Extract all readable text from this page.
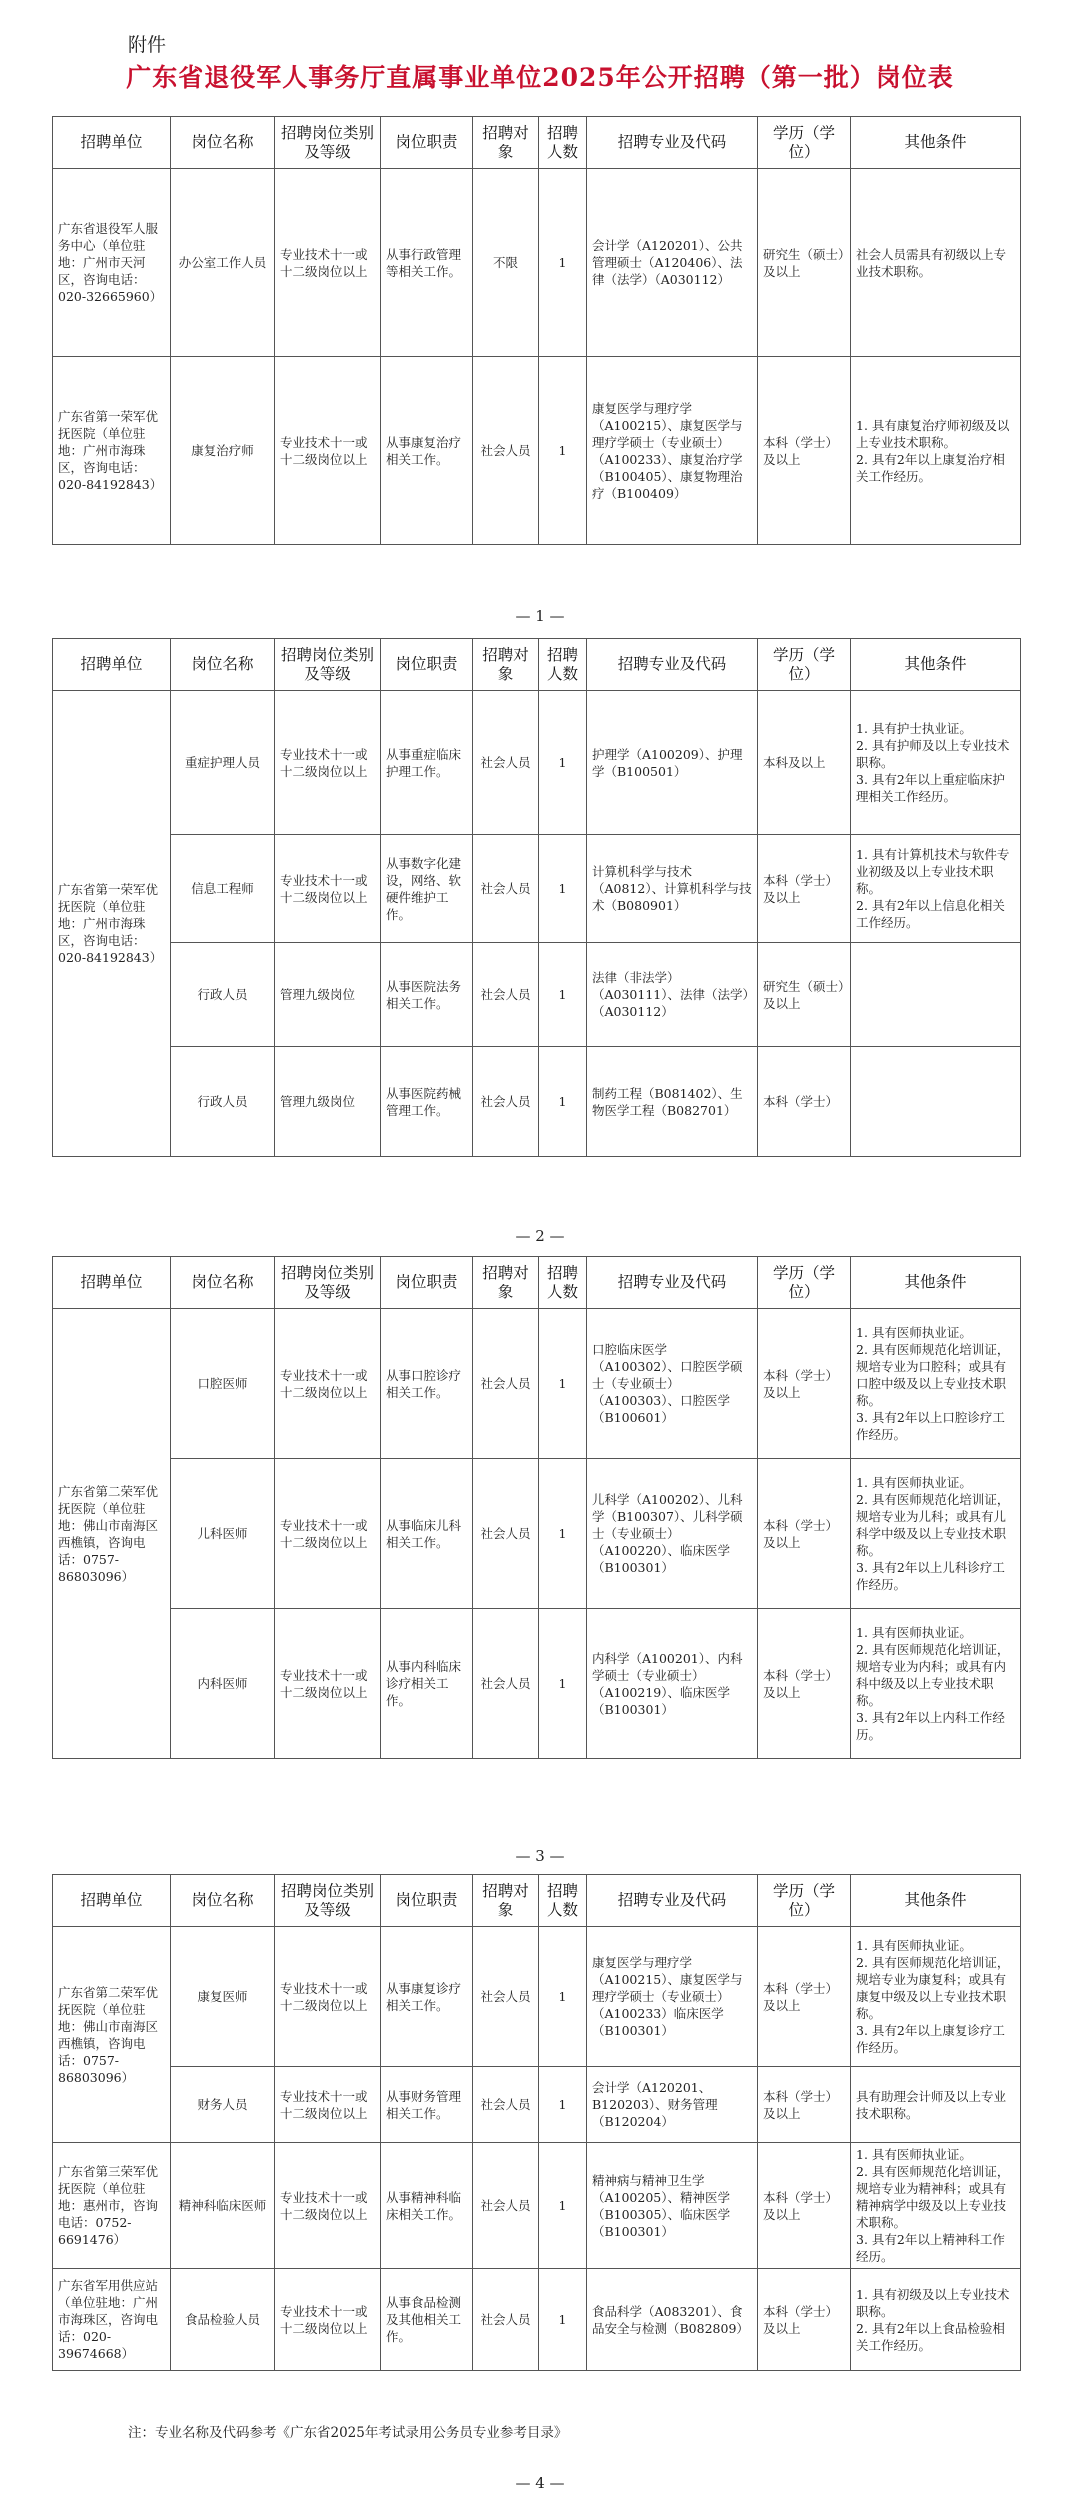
附件
广东省退役军人事务厅直属事业单位2025年公开招聘（第一批）岗位表
招聘单位	岗位名称	招聘岗位类别及等级	岗位职责	招聘对象	招聘人数	招聘专业及代码	学历（学位）	其他条件
广东省退役军人服务中心（单位驻地：广州市天河区，咨询电话：020-32665960）	办公室工作人员	专业技术十一或十二级岗位以上	从事行政管理等相关工作。	不限	1	会计学（A120201）、公共管理硕士（A120406）、法律（法学）（A030112）	研究生（硕士）及以上	社会人员需具有初级以上专业技术职称。
广东省第一荣军优抚医院（单位驻地：广州市海珠区，咨询电话：020-84192843）	康复治疗师	专业技术十一或十二级岗位以上	从事康复治疗相关工作。	社会人员	1	康复医学与理疗学（A100215）、康复医学与理疗学硕士（专业硕士）（A100233）、康复治疗学（B100405）、康复物理治疗（B100409）	本科（学士）及以上	1. 具有康复治疗师初级及以上专业技术职称。
2. 具有2年以上康复治疗相关工作经历。
— 1 —
招聘单位	岗位名称	招聘岗位类别及等级	岗位职责	招聘对象	招聘人数	招聘专业及代码	学历（学位）	其他条件
广东省第一荣军优抚医院（单位驻地：广州市海珠区，咨询电话：020-84192843）	重症护理人员	专业技术十一或十二级岗位以上	从事重症临床护理工作。	社会人员	1	护理学（A100209）、护理学（B100501）	本科及以上	1. 具有护士执业证。
2. 具有护师及以上专业技术职称。
3. 具有2年以上重症临床护理相关工作经历。
	信息工程师	专业技术十一或十二级岗位以上	从事数字化建设，网络、软硬件维护工作。	社会人员	1	计算机科学与技术（A0812）、计算机科学与技术（B080901）	本科（学士）及以上	1. 具有计算机技术与软件专业初级及以上专业技术职称。
2. 具有2年以上信息化相关工作经历。
	行政人员	管理九级岗位	从事医院法务相关工作。	社会人员	1	法律（非法学）（A030111）、法律（法学）（A030112）	研究生（硕士）及以上	
	行政人员	管理九级岗位	从事医院药械管理工作。	社会人员	1	制药工程（B081402）、生物医学工程（B082701）	本科（学士）	
— 2 —
招聘单位	岗位名称	招聘岗位类别及等级	岗位职责	招聘对象	招聘人数	招聘专业及代码	学历（学位）	其他条件
广东省第二荣军优抚医院（单位驻地：佛山市南海区西樵镇，咨询电话：0757-86803096）	口腔医师	专业技术十一或十二级岗位以上	从事口腔诊疗相关工作。	社会人员	1	口腔临床医学（A100302）、口腔医学硕士（专业硕士）（A100303）、口腔医学（B100601）	本科（学士）及以上	1. 具有医师执业证。
2. 具有医师规范化培训证，规培专业为口腔科；或具有口腔中级及以上专业技术职称。
3. 具有2年以上口腔诊疗工作经历。
	儿科医师	专业技术十一或十二级岗位以上	从事临床儿科相关工作。	社会人员	1	儿科学（A100202）、儿科学（B100307）、儿科学硕士（专业硕士）（A100220）、临床医学（B100301）	本科（学士）及以上	1. 具有医师执业证。
2. 具有医师规范化培训证，规培专业为儿科；或具有儿科学中级及以上专业技术职称。
3. 具有2年以上儿科诊疗工作经历。
	内科医师	专业技术十一或十二级岗位以上	从事内科临床诊疗相关工作。	社会人员	1	内科学（A100201）、内科学硕士（专业硕士）（A100219）、临床医学（B100301）	本科（学士）及以上	1. 具有医师执业证。
2. 具有医师规范化培训证，规培专业为内科；或具有内科中级及以上专业技术职称。
3. 具有2年以上内科工作经历。
— 3 —
招聘单位	岗位名称	招聘岗位类别及等级	岗位职责	招聘对象	招聘人数	招聘专业及代码	学历（学位）	其他条件
广东省第二荣军优抚医院（单位驻地：佛山市南海区西樵镇，咨询电话：0757-86803096）	康复医师	专业技术十一或十二级岗位以上	从事康复诊疗相关工作。	社会人员	1	康复医学与理疗学（A100215）、康复医学与理疗学硕士（专业硕士）（A100233）临床医学（B100301）	本科（学士）及以上	1. 具有医师执业证。
2. 具有医师规范化培训证，规培专业为康复科；或具有康复中级及以上专业技术职称。
3. 具有2年以上康复诊疗工作经历。
	财务人员	专业技术十一或十二级岗位以上	从事财务管理相关工作。	社会人员	1	会计学（A120201、B120203）、财务管理（B120204）	本科（学士）及以上	具有助理会计师及以上专业技术职称。
广东省第三荣军优抚医院（单位驻地：惠州市，咨询电话：0752-6691476）	精神科临床医师	专业技术十一或十二级岗位以上	从事精神科临床相关工作。	社会人员	1	精神病与精神卫生学（A100205）、精神医学（B100305）、临床医学（B100301）	本科（学士）及以上	1. 具有医师执业证。
2. 具有医师规范化培训证，规培专业为精神科；或具有精神病学中级及以上专业技术职称。
3. 具有2年以上精神科工作经历。
广东省军用供应站（单位驻地：广州市海珠区，咨询电话：020-39674668）	食品检验人员	专业技术十一或十二级岗位以上	从事食品检测及其他相关工作。	社会人员	1	食品科学（A083201）、食品安全与检测（B082809）	本科（学士）及以上	1. 具有初级及以上专业技术职称。
2. 具有2年以上食品检验相关工作经历。
注：专业名称及代码参考《广东省2025年考试录用公务员专业参考目录》
— 4 —
